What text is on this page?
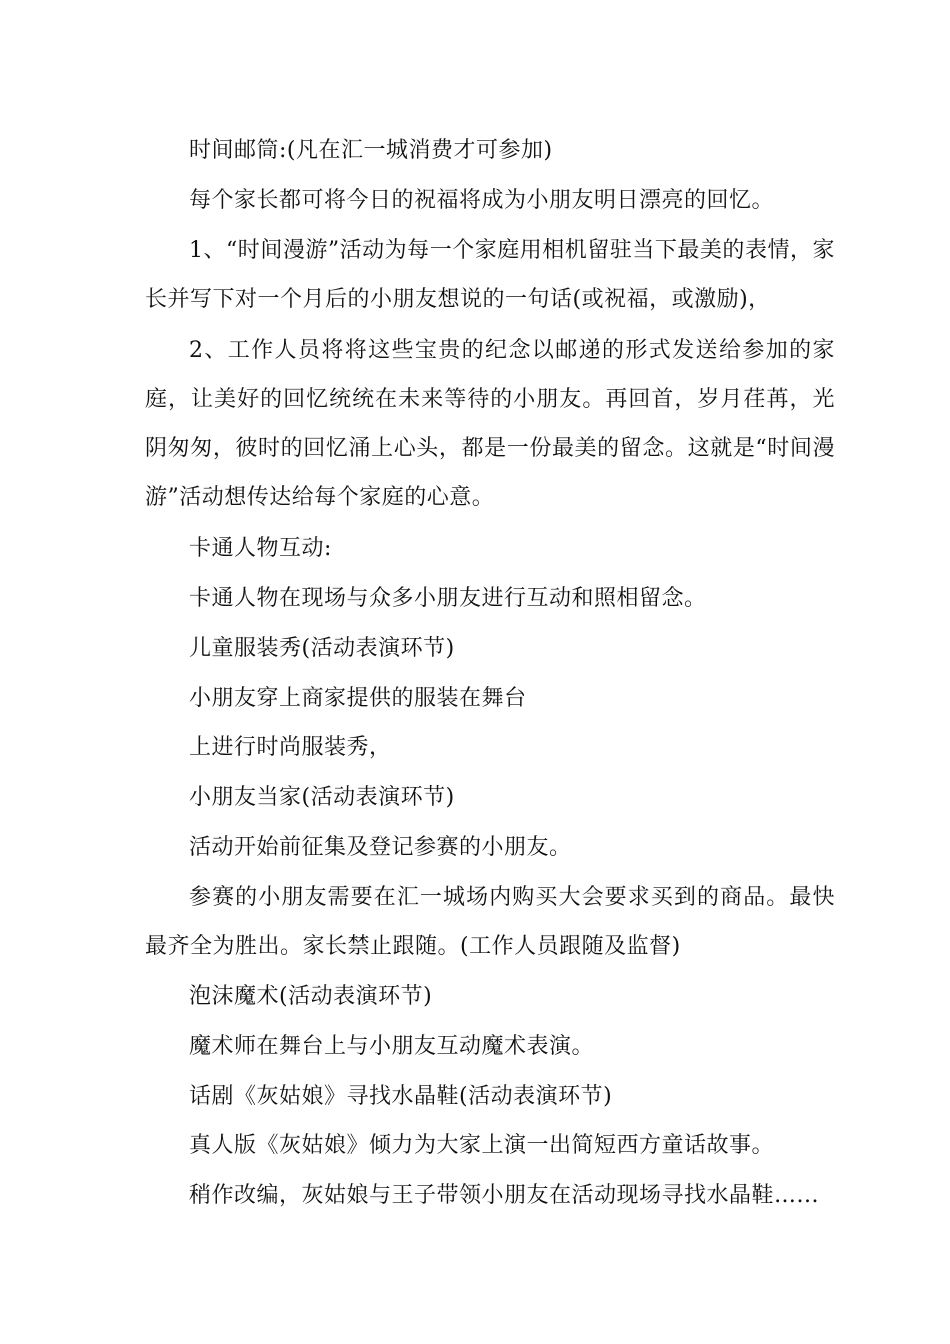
时间邮筒:(凡在汇一城消费才可参加)

每个家长都可将今日的祝福将成为小朋友明日漂亮的回忆。

1、“时间漫游”活动为每一个家庭用相机留驻当下最美的表情，家长并写下对一个月后的小朋友想说的一句话(或祝福，或激励)，

2、工作人员将将这些宝贵的纪念以邮递的形式发送给参加的家庭，让美好的回忆统统在未来等待的小朋友。再回首，岁月荏苒，光阴匆匆，彼时的回忆涌上心头，都是一份最美的留念。这就是“时间漫游”活动想传达给每个家庭的心意。

卡通人物互动:

卡通人物在现场与众多小朋友进行互动和照相留念。

儿童服装秀(活动表演环节)

小朋友穿上商家提供的服装在舞台

上进行时尚服装秀，

小朋友当家(活动表演环节)

活动开始前征集及登记参赛的小朋友。

参赛的小朋友需要在汇一城场内购买大会要求买到的商品。最快最齐全为胜出。家长禁止跟随。(工作人员跟随及监督)

泡沫魔术(活动表演环节)

魔术师在舞台上与小朋友互动魔术表演。

话剧《灰姑娘》寻找水晶鞋(活动表演环节)

真人版《灰姑娘》倾力为大家上演一出简短西方童话故事。

稍作改编，灰姑娘与王子带领小朋友在活动现场寻找水晶鞋…...
